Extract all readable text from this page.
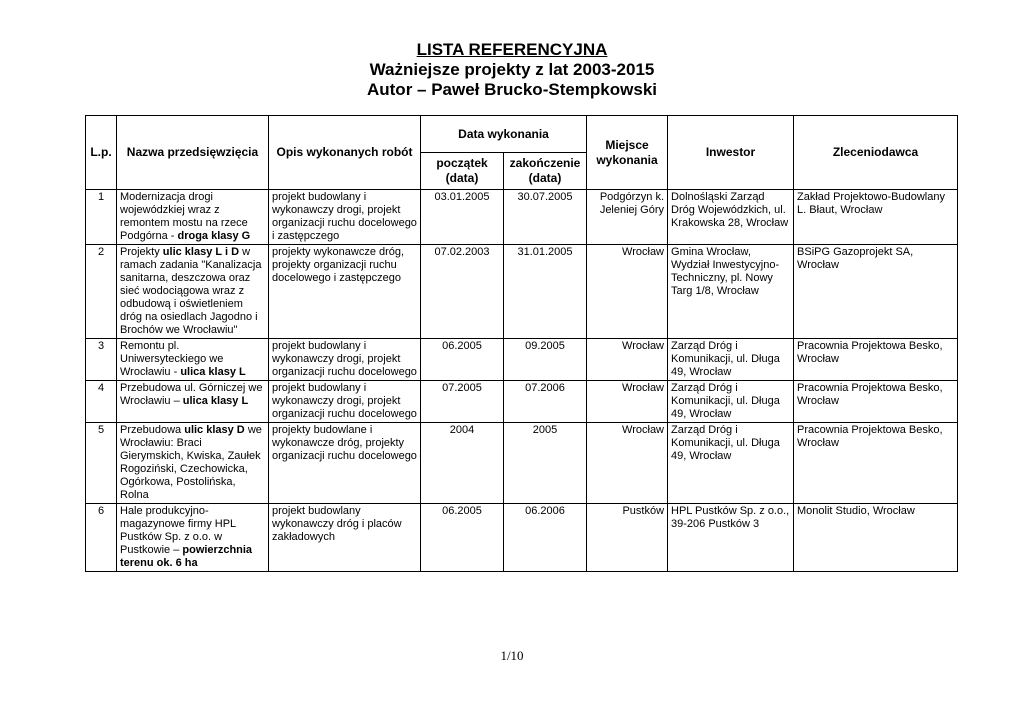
LISTA REFERENCYJNA
Ważniejsze projekty z lat 2003-2015
Autor – Paweł Brucko-Stempkowski
L.p.	Nazwa przedsięwzięcia	Opis wykonanych robót	Data wykonania		Miejsce wykonania	Inwestor	Zleceniodawca
			początek (data)	zakończenie (data)			
1	Modernizacja drogi wojewódzkiej wraz z remontem mostu na rzece Podgórna - droga klasy G	projekt budowlany i wykonawczy drogi, projekt organizacji ruchu docelowego i zastępczego	03.01.2005	30.07.2005	Podgórzyn k. Jeleniej Góry	Dolnośląski Zarząd Dróg Wojewódzkich, ul. Krakowska 28, Wrocław	Zakład Projektowo-Budowlany L. Błaut, Wrocław
2	Projekty ulic klasy L i D w ramach zadania "Kanalizacja sanitarna, deszczowa oraz sieć wodociągowa wraz z odbudową i oświetleniem dróg na osiedlach Jagodno i Brochów we Wrocławiu"	projekty wykonawcze dróg, projekty organizacji ruchu docelowego i zastępczego	07.02.2003	31.01.2005	Wrocław	Gmina Wrocław, Wydział Inwestycyjno-Techniczny, pl. Nowy Targ 1/8, Wrocław	BSiPG Gazoprojekt SA, Wrocław
3	Remontu pl. Uniwersyteckiego we Wrocławiu - ulica klasy L	projekt budowlany i wykonawczy drogi, projekt organizacji ruchu docelowego	06.2005	09.2005	Wrocław	Zarząd Dróg i Komunikacji, ul. Długa 49, Wrocław	Pracownia Projektowa Besko, Wrocław
4	Przebudowa ul. Górniczej we Wrocławiu – ulica klasy L	projekt budowlany i wykonawczy drogi, projekt organizacji ruchu docelowego	07.2005	07.2006	Wrocław	Zarząd Dróg i Komunikacji, ul. Długa 49, Wrocław	Pracownia Projektowa Besko, Wrocław
5	Przebudowa ulic klasy D we Wrocławiu: Braci Gierymskich, Kwiska, Zaułek Rogoziński, Czechowicka, Ogórkowa, Postolińska, Rolna	projekty budowlane i wykonawcze dróg, projekty organizacji ruchu docelowego	2004	2005	Wrocław	Zarząd Dróg i Komunikacji, ul. Długa 49, Wrocław	Pracownia Projektowa Besko, Wrocław
6	Hale produkcyjno-magazynowe firmy HPL Pustków Sp. z o.o. w Pustkowie – powierzchnia terenu ok. 6 ha	projekt budowlany wykonawczy dróg i placów zakładowych	06.2005	06.2006	Pustków	HPL Pustków Sp. z o.o., 39-206 Pustków 3	Monolit Studio, Wrocław
1/10
